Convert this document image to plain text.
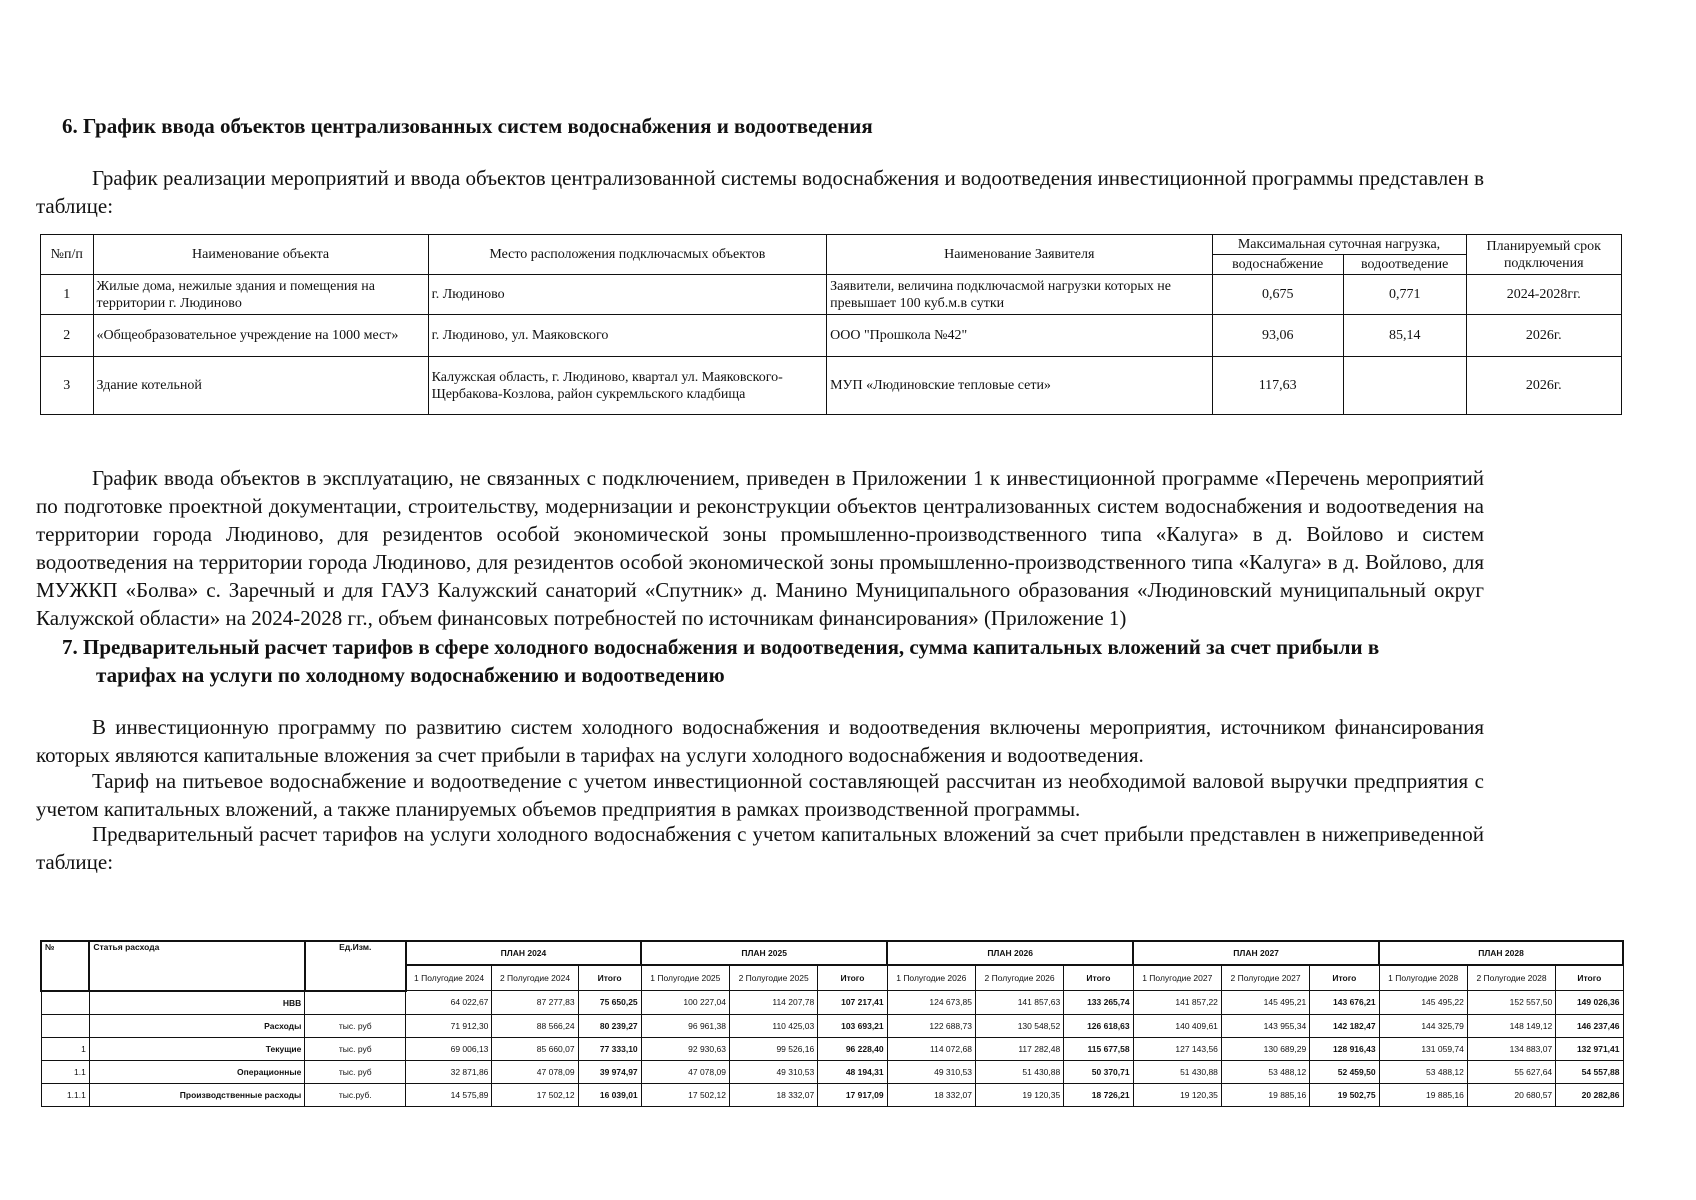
6. График ввода объектов централизованных систем водоснабжения и водоотведения
График реализации мероприятий и ввода объектов централизованной системы водоснабжения и водоотведения инвестиционной программы представлен в таблице:
№п/п	Наименование объекта	Место расположения подключасмых объектов	Наименование Заявителя	Максимальная суточная нагрузка,		Планируемый срок подключения
				водоснабжение	водоотведение	
1	Жилые дома, нежилые здания и помещения на территории г. Людиново	г. Людиново	Заявители, величина подключасмой нагрузки которых не превышает 100 куб.м.в сутки	0,675	0,771	2024-2028гг.
2	«Общеобразовательное учреждение на 1000 мест»	г. Людиново, ул. Маяковского	ООО "Прошкола №42"	93,06	85,14	2026г.
3	Здание котельной	Калужская область, г. Людиново, квартал ул. Маяковского-Щербакова-Козлова, район сукремльского кладбища	МУП «Людиновские тепловые сети»	117,63		2026г.
График ввода объектов в эксплуатацию, не связанных с подключением, приведен в Приложении 1 к инвестиционной программе «Перечень мероприятий по подготовке проектной документации, строительству, модернизации и реконструкции объектов централизованных систем водоснабжения и водоотведения на территории города Людиново, для резидентов особой экономической зоны промышленно-производственного типа «Калуга» в д. Войлово и систем водоотведения на территории города Людиново, для резидентов особой экономической зоны промышленно-производственного типа «Калуга» в д. Войлово, для МУЖКП «Болва» с. Заречный и для ГАУЗ Калужский санаторий «Спутник» д. Манино Муниципального образования «Людиновский муниципальный округ Калужской области» на 2024-2028 гг., объем финансовых потребностей по источникам финансирования» (Приложение 1)
7. Предварительный расчет тарифов в сфере холодного водоснабжения и водоотведения, сумма капитальных вложений за счет прибыли в
тарифах на услуги по холодному водоснабжению и водоотведению
В инвестиционную программу по развитию систем холодного водоснабжения и водоотведения включены мероприятия, источником финансирования которых являются капитальные вложения за счет прибыли в тарифах на услуги холодного водоснабжения и водоотведения.
Тариф на питьевое водоснабжение и водоотведение с учетом инвестиционной составляющей рассчитан из необходимой валовой выручки предприятия с учетом капитальных вложений, а также планируемых объемов предприятия в рамках производственной программы.
Предварительный расчет тарифов на услуги холодного водоснабжения с учетом капитальных вложений за счет прибыли представлен в нижеприведенной таблице:
№	Статья расхода	Ед.Изм.	ПЛАН 2024			ПЛАН 2025			ПЛАН 2026			ПЛАН 2027			ПЛАН 2028		
			1 Полугодие 2024	2 Полугодие 2024	Итого	1 Полугодие 2025	2 Полугодие 2025	Итого	1 Полугодие 2026	2 Полугодие 2026	Итого	1 Полугодие 2027	2 Полугодие 2027	Итого	1 Полугодие 2028	2 Полугодие 2028	Итого
	НВВ		64 022,67	87 277,83	75 650,25	100 227,04	114 207,78	107 217,41	124 673,85	141 857,63	133 265,74	141 857,22	145 495,21	143 676,21	145 495,22	152 557,50	149 026,36
	Расходы	тыс. руб	71 912,30	88 566,24	80 239,27	96 961,38	110 425,03	103 693,21	122 688,73	130 548,52	126 618,63	140 409,61	143 955,34	142 182,47	144 325,79	148 149,12	146 237,46
1	Текущие	тыс. руб	69 006,13	85 660,07	77 333,10	92 930,63	99 526,16	96 228,40	114 072,68	117 282,48	115 677,58	127 143,56	130 689,29	128 916,43	131 059,74	134 883,07	132 971,41
1.1	Операционные	тыс. руб	32 871,86	47 078,09	39 974,97	47 078,09	49 310,53	48 194,31	49 310,53	51 430,88	50 370,71	51 430,88	53 488,12	52 459,50	53 488,12	55 627,64	54 557,88
1.1.1	Производственные расходы	тыс.руб.	14 575,89	17 502,12	16 039,01	17 502,12	18 332,07	17 917,09	18 332,07	19 120,35	18 726,21	19 120,35	19 885,16	19 502,75	19 885,16	20 680,57	20 282,86
